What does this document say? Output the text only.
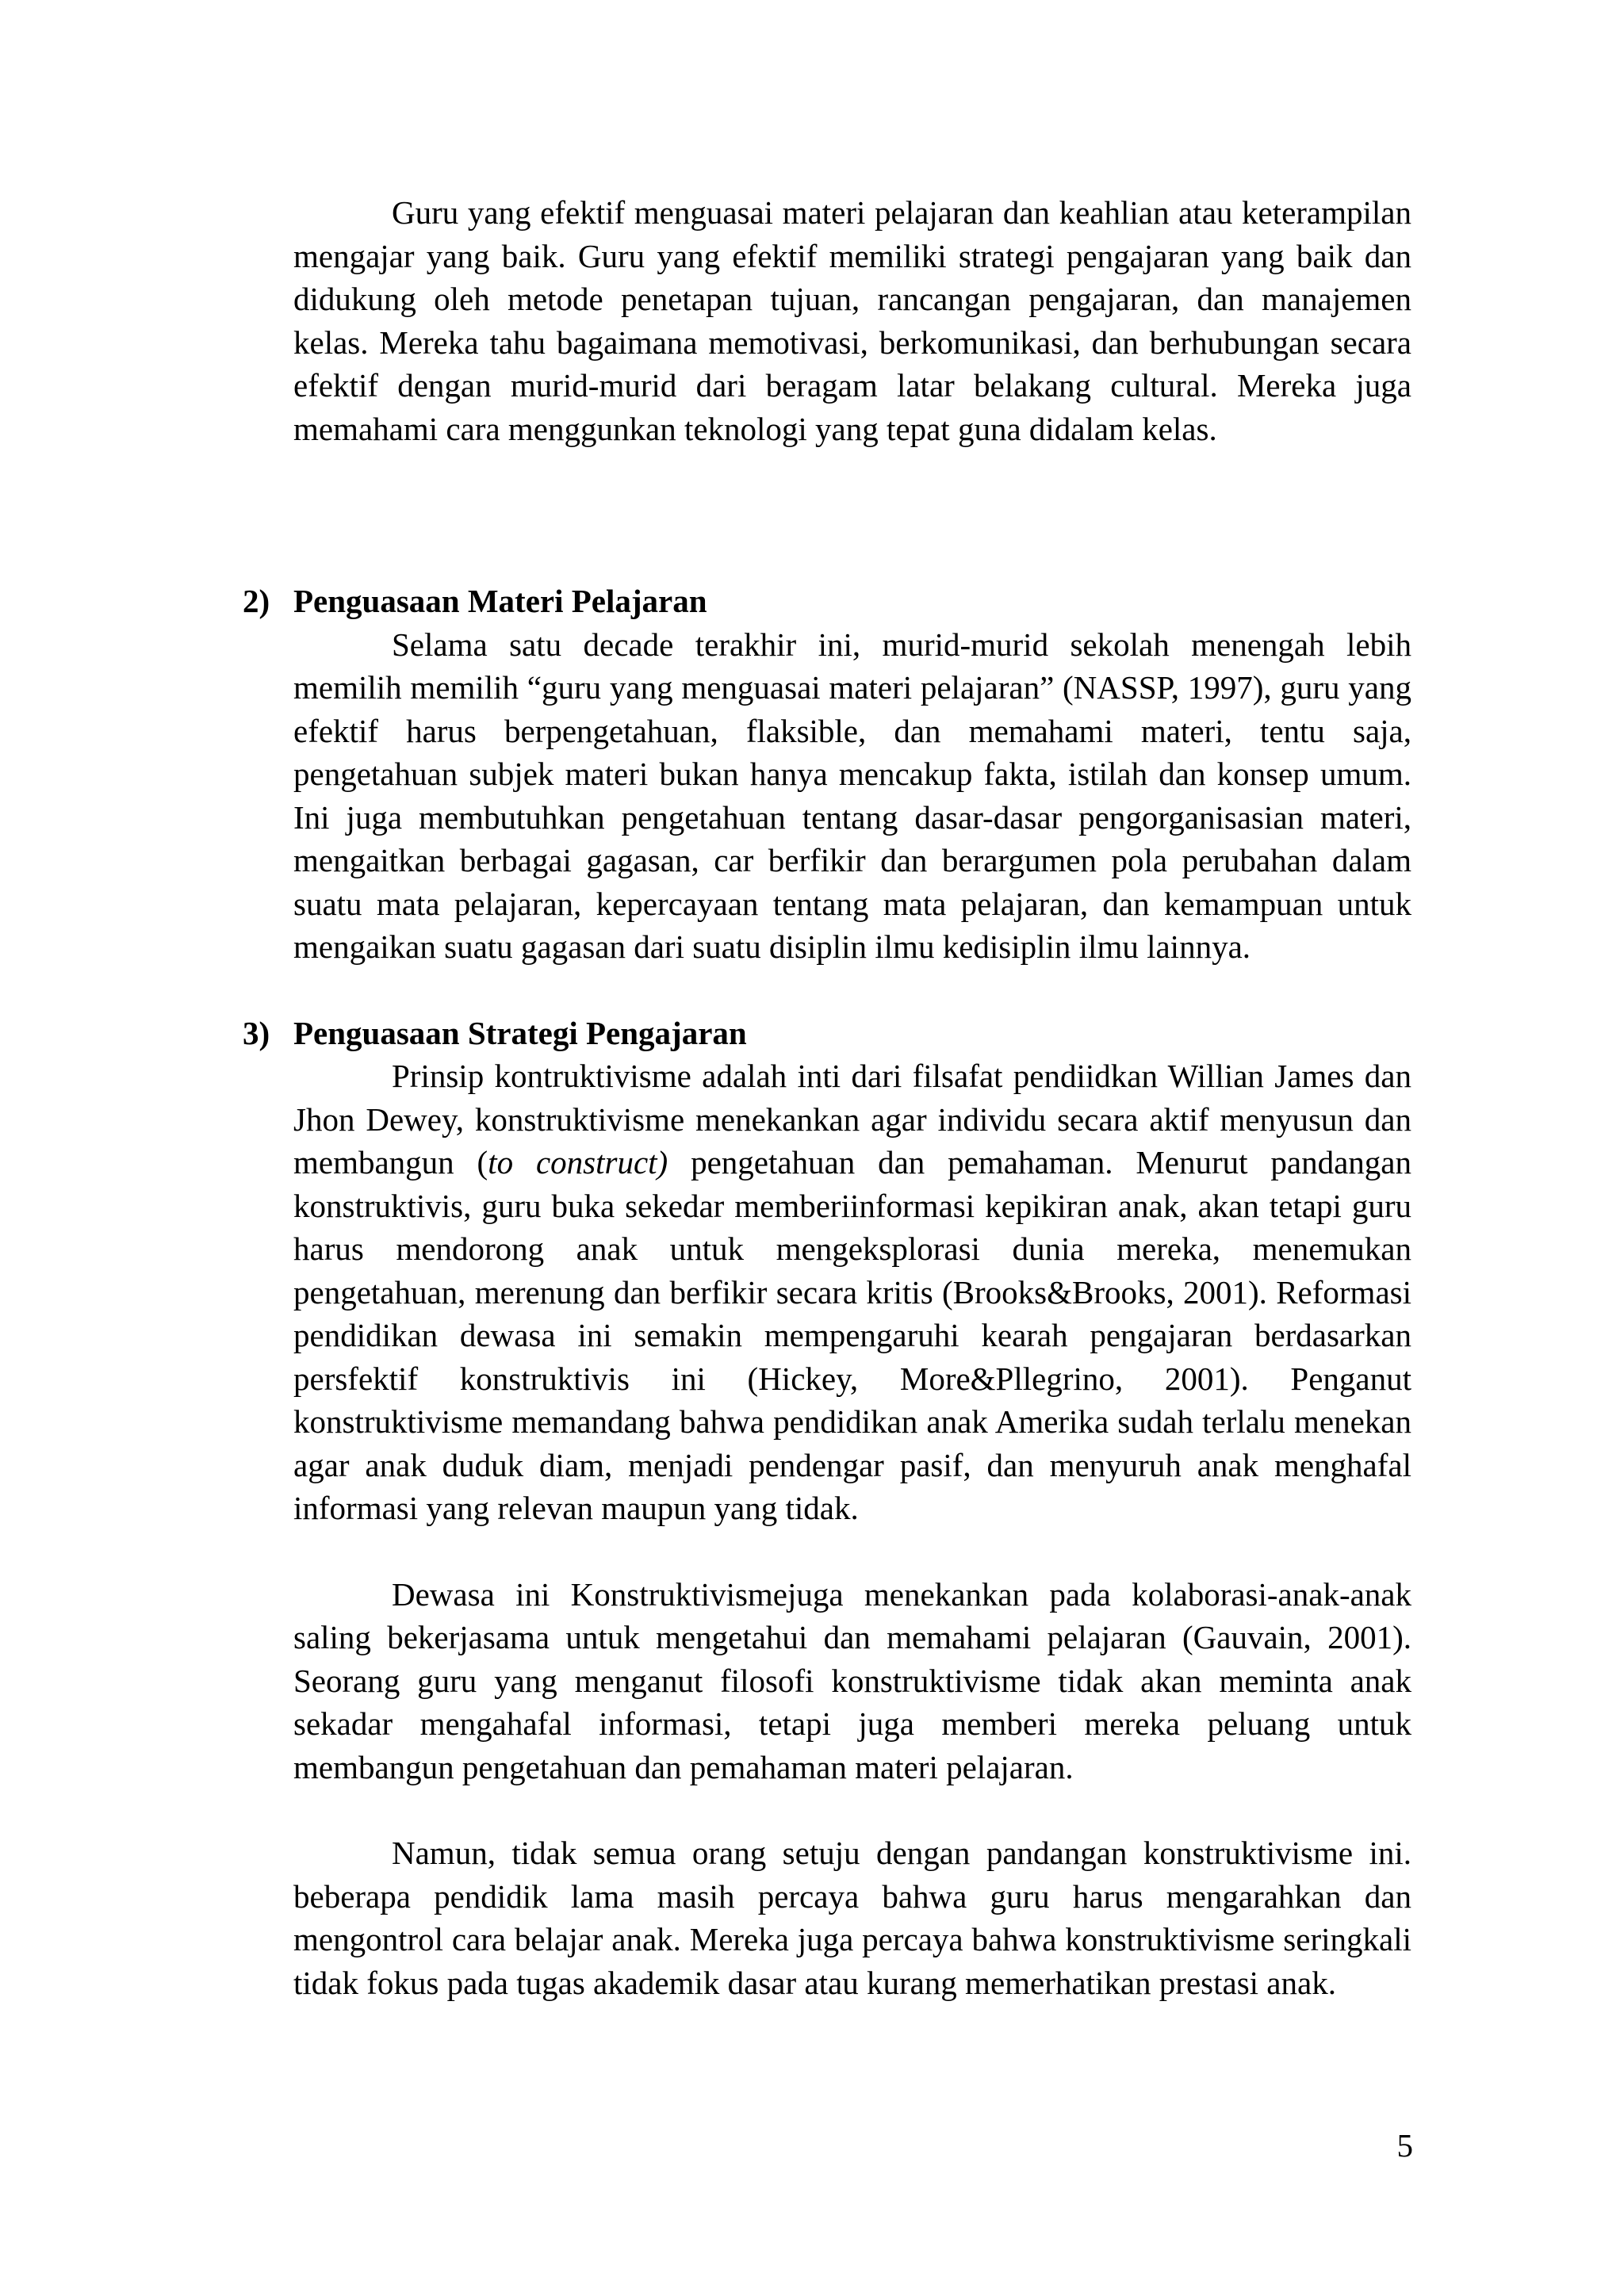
Guru yang efektif menguasai materi pelajaran dan keahlian atau keterampilan mengajar yang baik. Guru yang efektif memiliki strategi pengajaran yang baik dan didukung oleh metode penetapan tujuan, rancangan pengajaran, dan manajemen kelas. Mereka tahu bagaimana memotivasi, berkomunikasi, dan berhubungan secara efektif dengan murid-murid dari beragam latar belakang cultural. Mereka juga memahami cara menggunkan teknologi yang tepat guna didalam kelas.

2) Penguasaan Materi Pelajaran

Selama satu decade terakhir ini, murid-murid sekolah menengah lebih memilih memilih “guru yang menguasai materi pelajaran” (NASSP, 1997), guru yang efektif harus berpengetahuan, flaksible, dan memahami materi, tentu saja, pengetahuan subjek materi bukan hanya mencakup fakta, istilah dan konsep umum. Ini juga membutuhkan pengetahuan tentang dasar-dasar pengorganisasian materi, mengaitkan berbagai gagasan, car berfikir dan berargumen pola perubahan dalam suatu mata pelajaran, kepercayaan tentang mata pelajaran, dan kemampuan untuk mengaikan suatu gagasan dari suatu disiplin ilmu kedisiplin ilmu lainnya.

3) Penguasaan Strategi Pengajaran

Prinsip kontruktivisme adalah inti dari filsafat pendiidkan Willian James dan Jhon Dewey, konstruktivisme menekankan agar individu secara aktif menyusun dan membangun (to construct) pengetahuan dan pemahaman. Menurut pandangan konstruktivis, guru buka sekedar memberiinformasi kepikiran anak, akan tetapi guru harus mendorong anak untuk mengeksplorasi dunia mereka, menemukan pengetahuan, merenung dan berfikir secara kritis (Brooks&Brooks, 2001). Reformasi pendidikan dewasa ini semakin mempengaruhi kearah pengajaran berdasarkan persfektif konstruktivis ini (Hickey, More&Pllegrino, 2001). Penganut konstruktivisme memandang bahwa pendidikan anak Amerika sudah terlalu menekan agar anak duduk diam, menjadi pendengar pasif, dan menyuruh anak menghafal informasi yang relevan maupun yang tidak.

Dewasa ini Konstruktivismejuga menekankan pada kolaborasi-anak-anak saling bekerjasama untuk mengetahui dan memahami pelajaran (Gauvain, 2001). Seorang guru yang menganut filosofi konstruktivisme tidak akan meminta anak sekadar mengahafal informasi, tetapi juga memberi mereka peluang untuk membangun pengetahuan dan pemahaman materi pelajaran.

Namun, tidak semua orang setuju dengan pandangan konstruktivisme ini. beberapa pendidik lama masih percaya bahwa guru harus mengarahkan dan mengontrol cara belajar anak. Mereka juga percaya bahwa konstruktivisme seringkali tidak fokus pada tugas akademik dasar atau kurang memerhatikan prestasi anak.

5
